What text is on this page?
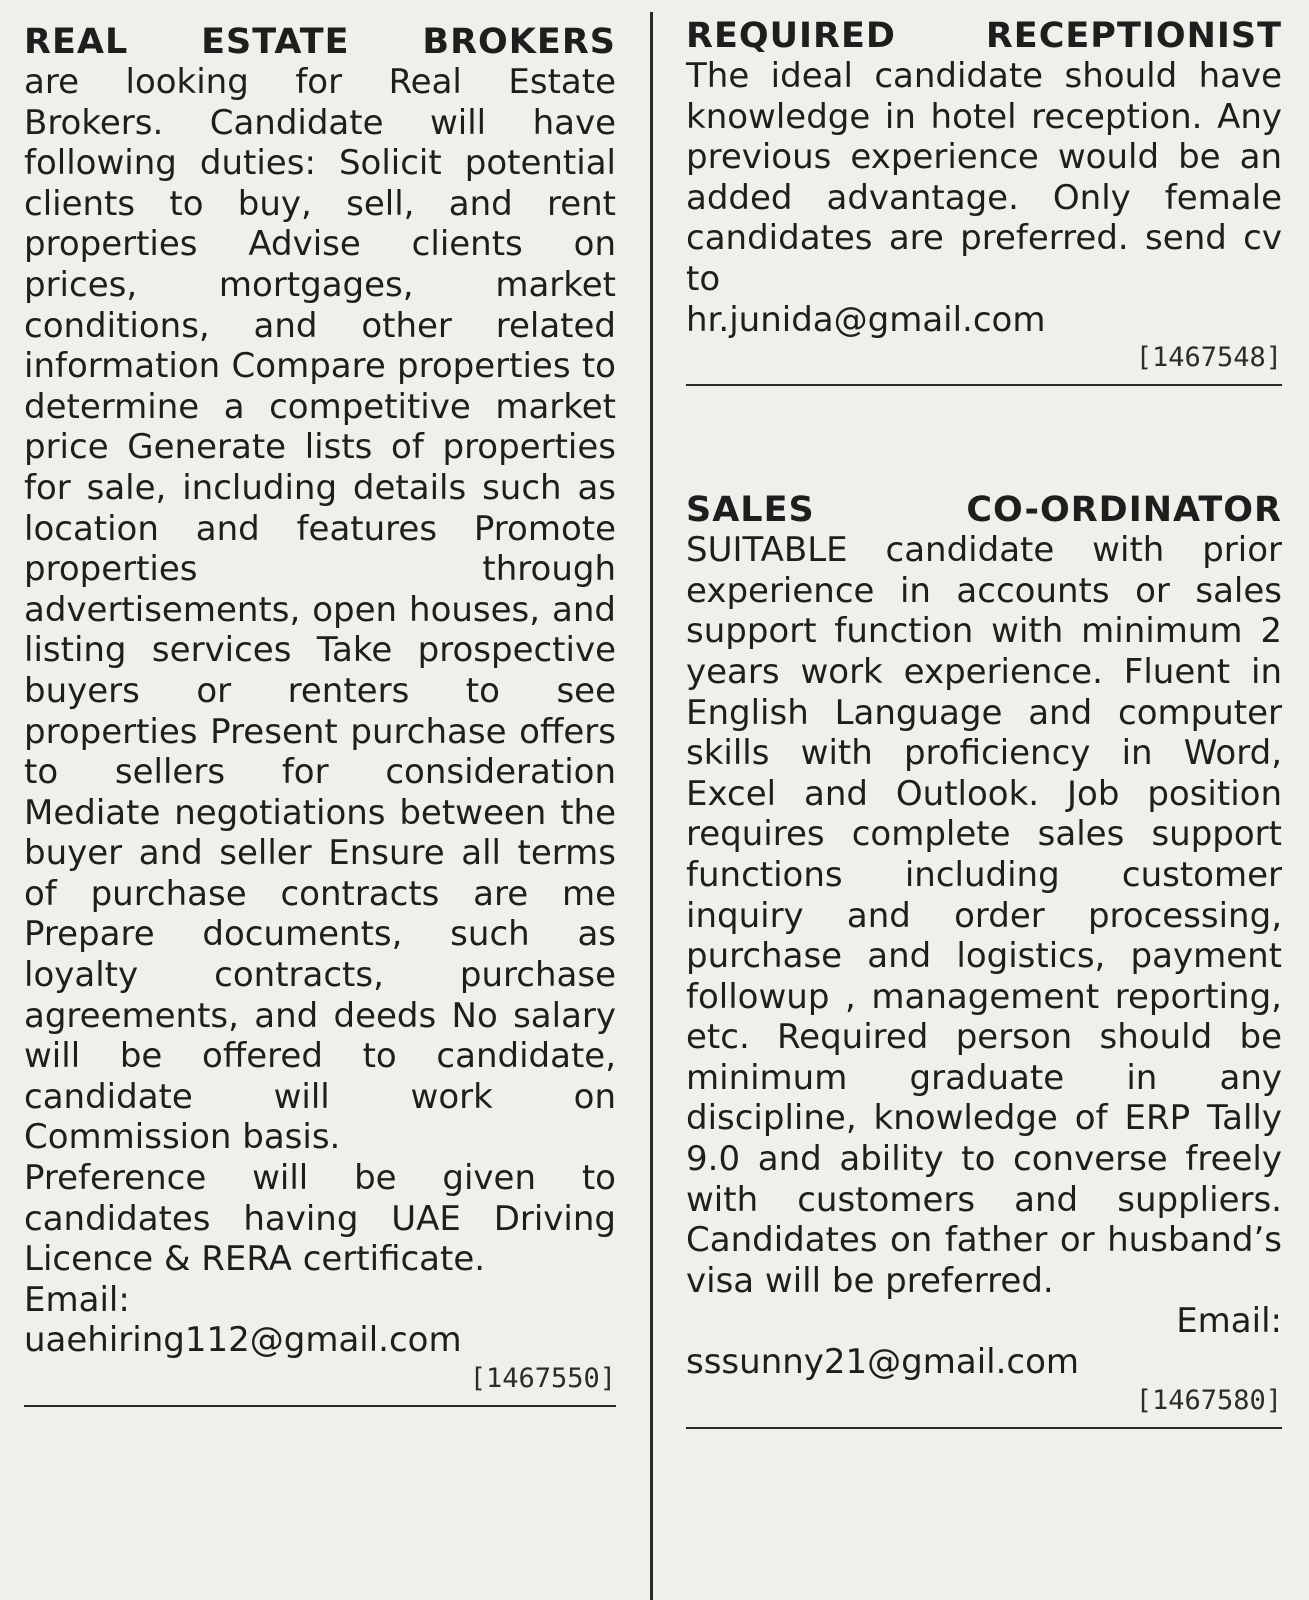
REAL ESTATE BROKERS

are looking for Real Estate Brokers. Candidate will have following duties: Solicit potential clients to buy, sell, and rent properties Advise clients on prices, mortgages, market conditions, and other related information Compare properties to determine a competitive market price Generate lists of properties for sale, including details such as location and features Promote properties through advertisements, open houses, and listing services Take prospective buyers or renters to see properties Present purchase offers to sellers for consideration Mediate negotiations between the buyer and seller Ensure all terms of purchase contracts are me Prepare documents, such as loyalty contracts, purchase agreements, and deeds No salary will be offered to candidate, candidate will work on Commission basis.

Preference will be given to candidates having UAE Driving Licence & RERA certificate.

Email:

uaehiring112@gmail.com

[1467550]

REQUIRED RECEPTIONIST

The ideal candidate should have knowledge in hotel reception. Any previous experience would be an added advantage. Only female candidates are preferred. send cv to

hr.junida@gmail.com

[1467548]

SALES CO-ORDINATOR

SUITABLE candidate with prior experience in accounts or sales support function with minimum 2 years work experience. Fluent in English Language and computer skills with proficiency in Word, Excel and Outlook. Job position requires complete sales support functions including customer inquiry and order processing, purchase and logistics, payment followup , management reporting, etc. Required person should be minimum graduate in any discipline, knowledge of ERP Tally 9.0 and ability to converse freely with customers and suppliers. Candidates on father or husband’s visa will be preferred.

Email:

sssunny21@gmail.com

[1467580]
